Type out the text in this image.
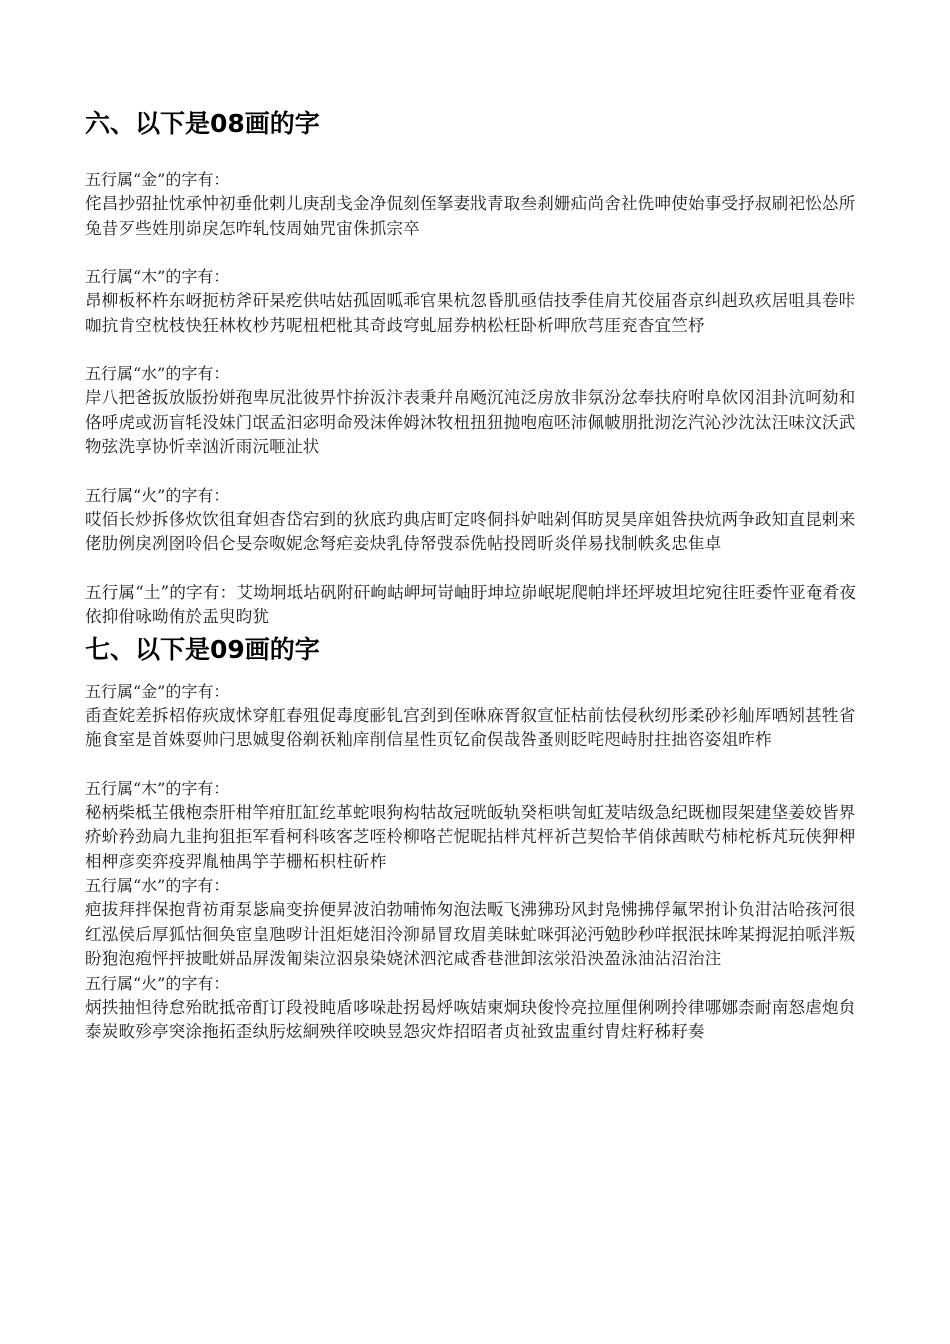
六、以下是08画的字

五行属“金”的字有：

侘昌抄弨扯忱承忡初垂仳剌儿庚刮戋金净侃刻侄拏妻戕青取叁刹姗疝尚舍社侁呻使始事受抒叔刷祀忪怂所兔昔歹些姓刖峁戾怎咋轧忮周妯咒宙侏抓宗卒

五行属“木”的字有：

昂柳板杯杵东岈扼枋斧矸杲疙供咕姑孤固呱乖官果杭忽昏肌亟佶技季佳肩艽佼届沓京纠赳玖疚居咀具卷咔咖抗肯空枕枝快狂林枚杪艿呢杻杷枇其奇歧穹虬屈券枘松枉卧析呷欣芎厓兖杳宜竺杼

五行属“水”的字有：

岸八把爸扳放版扮姘孢卑尻沘彼畀忭拚汳汴表秉幷帛飏沉沌泛房放非氛汾忿奉扶府咐阜佽冈泪卦沆呵劾和佫呼虎或沥盲牦没妹门氓孟汩宓明命殁沫侔姆沐牧杻扭狃抛咆庖呸沛佩帔朋批沏汔汽沁沙沈汰汪味汶沃武物弦洗享协忻幸汹沂雨沅咂沚状

五行属“火”的字有：

哎佰长炒拆侈炊饮徂耷妲杳岱宕到的狄底玓典店町定咚侗抖妒咄剁佴昉炅昊庠姐咎抉炕两争政知直昆剌来佬肋例戾冽囹呤侣仑旻奈呶妮念弩疟妾炔乳侍帑弢忝侁帖投罔昕炎佯易找制帙炙忠隹卓

五行属“土”的字有：艾坳坰坻坫矾附矸岣岵岬坷岢岫盱坤垃峁岷坭爬帕坢坯坪坡坦坨宛往旺委忤亚奄肴夜依抑佾咏呦侑於盂臾昀犹

七、以下是09画的字

五行属“金”的字有：

臿查姹差拆柖侟疢宬怵穿舡春殂促毒度彨钆宫刭到侄咻庥胥叙宣怔枯前怯侵秋纫彤柔砂衫舢厍哂矧甚牲省施食室是首姝耍帅闩思娍叟俗剃祅籼庠削信星性页钇俞俣哉咎蚤则眨咤咫峙肘拄拙咨姿俎昨柞

五行属“木”的字有：

秘柄柴柢芏俄枹柰肝柑竿疳肛缸纥革蛇哏狗构牯故冠咣皈轨癸柜哄訇虹茇咭级急纪既枷叚架建垡姜姣皆界疥蚧矜劲扃九韭拘狙拒军看柯科咳客芝咥柃柳咯芒怩昵拈柈芃枰祈芑契恰芊俏俅茜畎芍柿柁柝芃玩侠狎柙相柙彦奕弈疫羿胤柚禺竽芋栅柘枳柱斫柞

五行属“水”的字有：

疤拔拜拌保抱背祊甭泵毖扁变拚便昇波泊勃哺怖匆泡法畈飞沸狒玢风封凫怫拂俘氟罘拊讣负泔沽哈孩河很红泓侯后厚狐怙徊奂宦皇虺哕计沮炬姥泪泠泖昴冒玫眉美昧虻咪弭泌沔勉眇秒咩抿泯抹哞某拇泥拍哌泮叛盼狍泡疱怦抨披毗姘品屏泼匍柒泣泅泉染娆沭泗沱咸香巷泄卸泫泶沿泱盈泳油沾沼治注

五行属“火”的字有：

炳抶抽怛待怠殆眈抵帝酊订段祋盹盾哆哚赴拐曷烀咴姞柬炯玦俊怜亮拉厘俚俐咧拎律哪娜柰耐南怒虐炮贠泰炭畋殄亭突涂拖拓歪纨肟炫絅殃徉咬映昱怨灾炸招昭者贞祉致盅重纣胄炷籽秭耔奏
